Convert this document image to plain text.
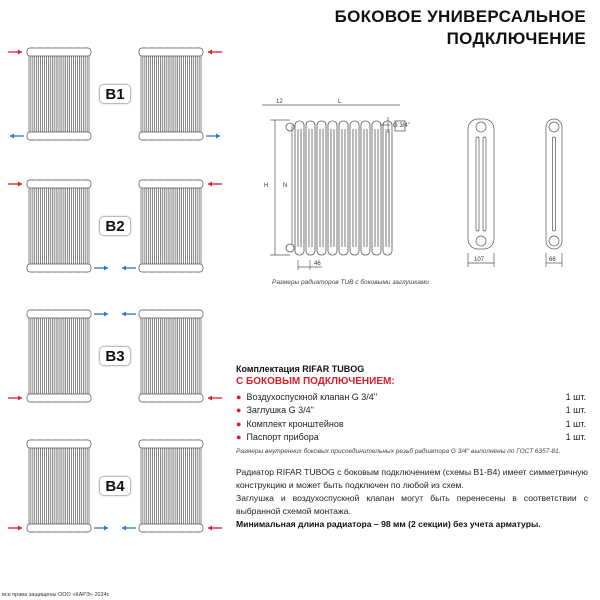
БОКОВОЕ УНИВЕРСАЛЬНОЕ
ПОДКЛЮЧЕНИЕ
B1
B2
B3
B4
12	L
G 3/4''
H N
46
107	66
Размеры радиаторов TUB с боковыми заглушками
Комплектация RIFAR TUBOG
С БОКОВЫМ ПОДКЛЮЧЕНИЕМ:
● Воздухоспускной клапан G 3/4''	1 шт.
● Заглушка G 3/4''	1 шт.
● Комплект кронштейнов	1 шт.
● Паспорт прибора	1 шт.
Размеры внутренних боковых присоединительных резьб радиатора G 3/4'' выполнены по ГОСТ 6357-81.

Радиатор RIFAR TUBOG с боковым подключением (схемы B1-B4) имеет симметричную конструкцию и может быть подключен по любой из схем.

Заглушка и воздухоспускной клапан могут быть перенесены в соответствии с выбранной схемой монтажа.

Минимальная длина радиатора – 98 мм (2 секции) без учета арматуры.

все права защищены ООО «КАРЭ» 2024г.
